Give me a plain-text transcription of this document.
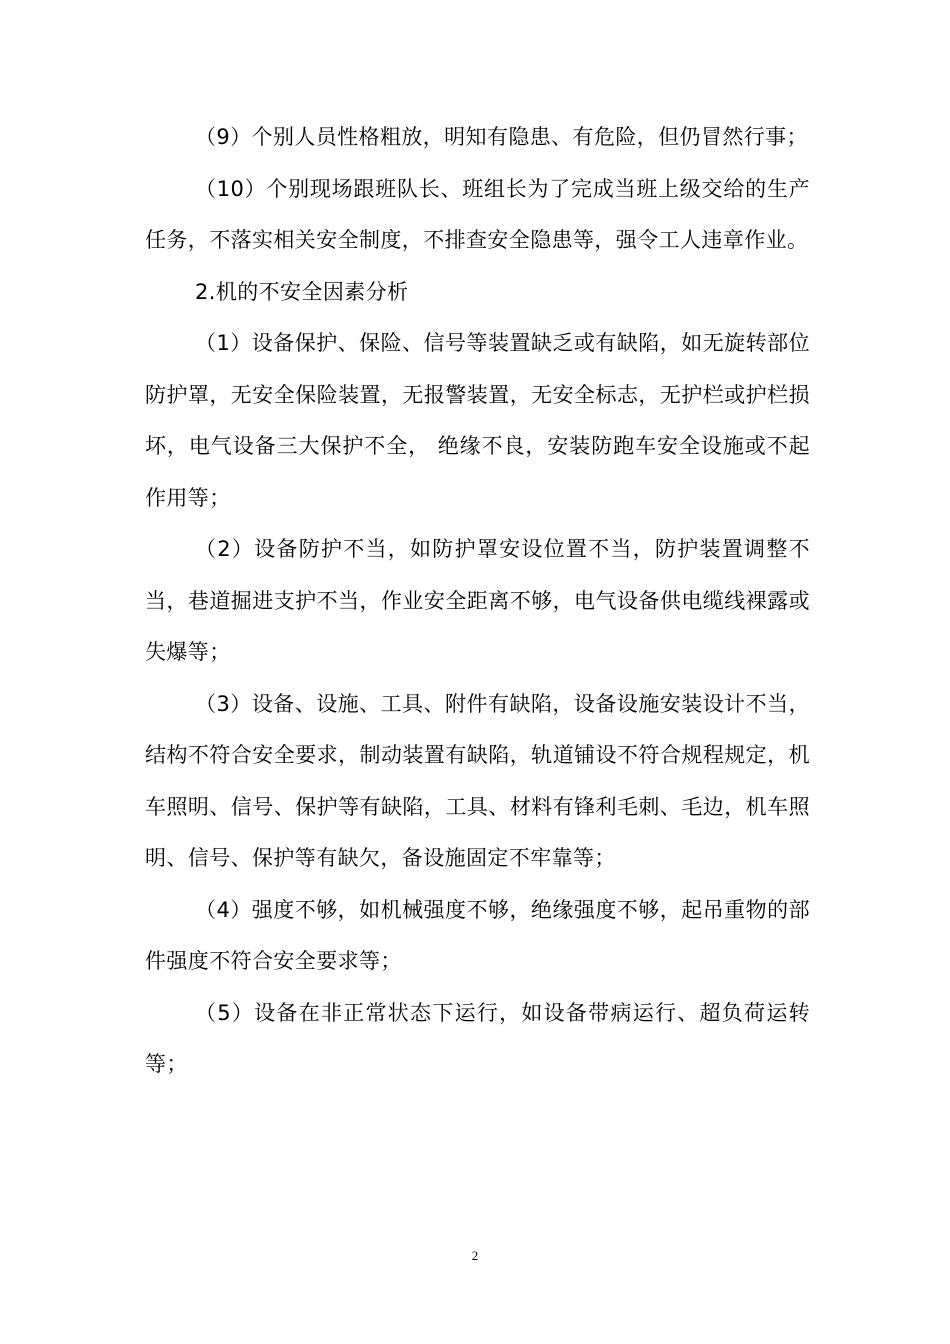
（9）个别人员性格粗放，明知有隐患、有危险，但仍冒然行事；

（10）个别现场跟班队长、班组长为了完成当班上级交给的生产任务，不落实相关安全制度，不排查安全隐患等，强令工人违章作业。

2.机的不安全因素分析

（1）设备保护、保险、信号等装置缺乏或有缺陷，如无旋转部位防护罩，无安全保险装置，无报警装置，无安全标志，无护栏或护栏损坏，电气设备三大保护不全， 绝缘不良，安装防跑车安全设施或不起作用等；

（2）设备防护不当，如防护罩安设位置不当，防护装置调整不当，巷道掘进支护不当，作业安全距离不够，电气设备供电缆线裸露或失爆等；

（3）设备、设施、工具、附件有缺陷，设备设施安装设计不当，结构不符合安全要求，制动装置有缺陷，轨道铺设不符合规程规定，机车照明、信号、保护等有缺陷，工具、材料有锋利毛刺、毛边，机车照明、信号、保护等有缺欠，备设施固定不牢靠等；

（4）强度不够，如机械强度不够，绝缘强度不够，起吊重物的部件强度不符合安全要求等；

（5）设备在非正常状态下运行，如设备带病运行、超负荷运转等；

2
